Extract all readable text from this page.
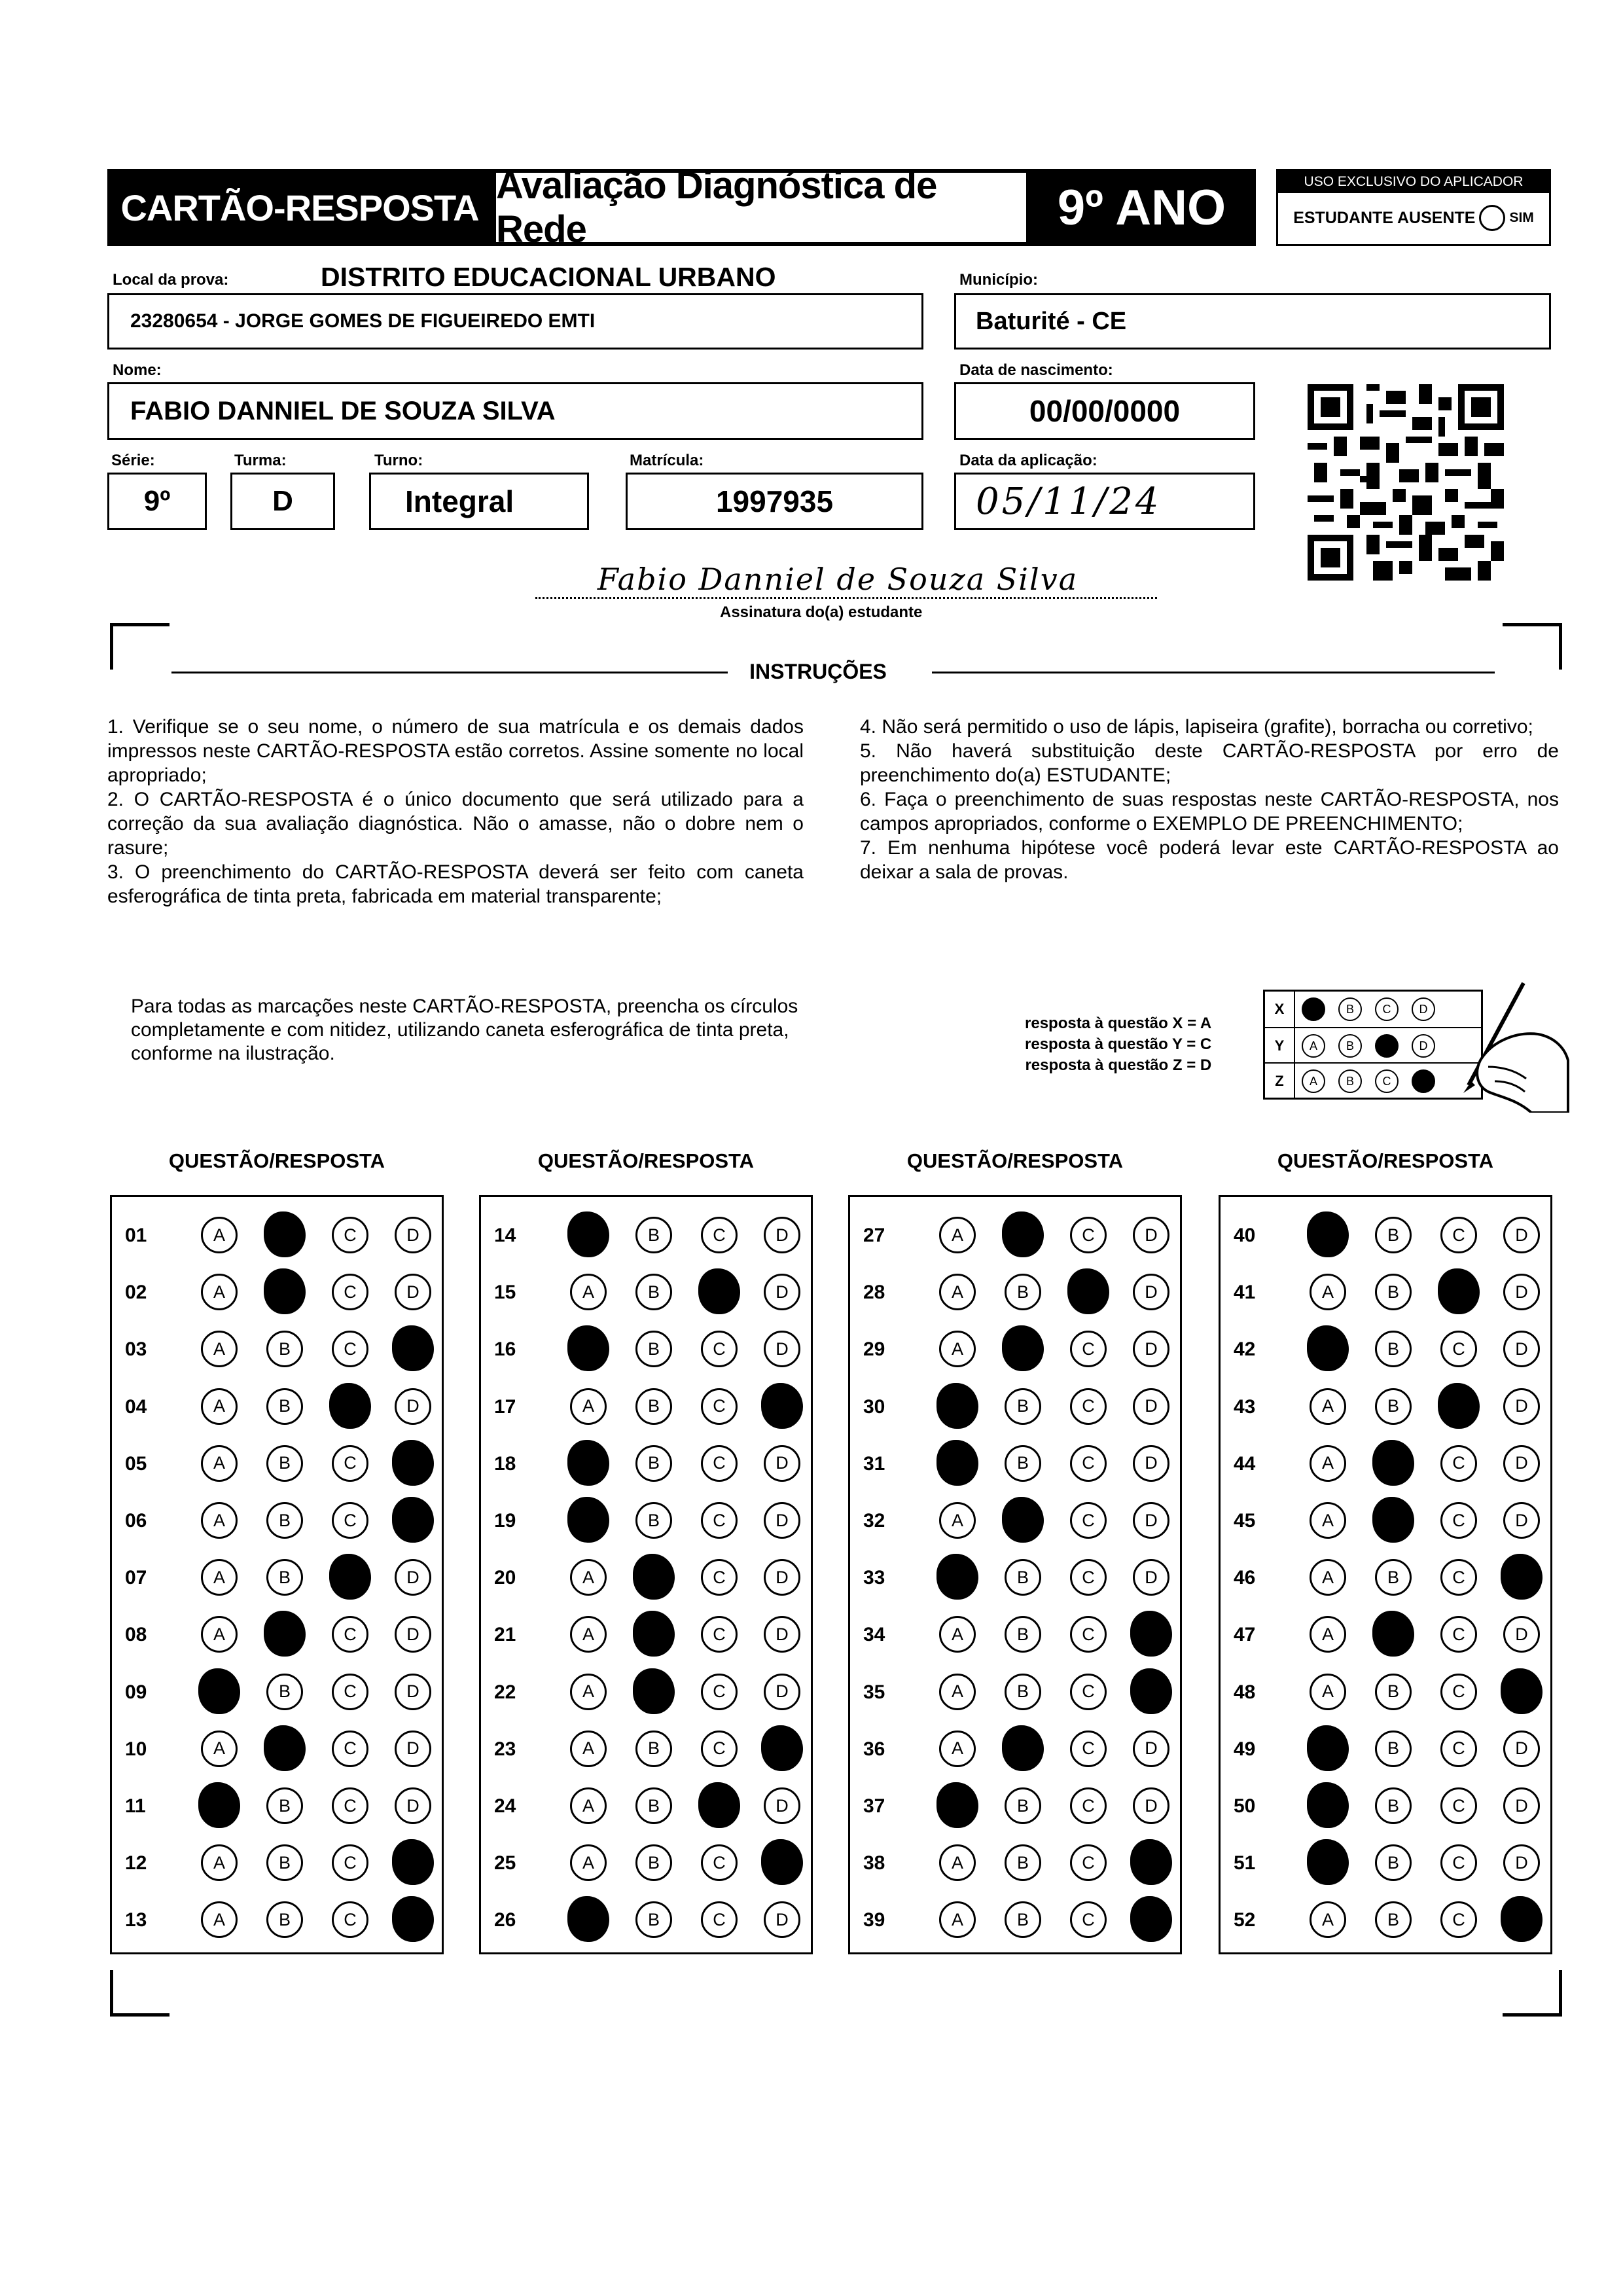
CARTÃO-RESPOSTA
Avaliação Diagnóstica de Rede	9º ANO	USO EXCLUSIVO DO APLICADOR
ESTUDANTE AUSENTE SIM
Local da prova:	DISTRITO EDUCACIONAL URBANO
23280654 - JORGE GOMES DE FIGUEIREDO EMTI
Município:
Baturité - CE
Nome:
FABIO DANNIEL DE SOUZA SILVA
Data de nascimento:
00/00/0000
Série:
9º
Turma:
D
Turno:
Integral
Matrícula:
1997935
Data da aplicação:
05/11/24
Fabio Danniel de Souza Silva
Assinatura do(a) estudante
INSTRUÇÕES

1. Verifique se o seu nome, o número de sua matrícula e os demais dados impressos neste CARTÃO-RESPOSTA estão corretos. Assine somente no local apropriado;

2. O CARTÃO-RESPOSTA é o único documento que será utilizado para a correção da sua avaliação diagnóstica. Não o amasse, não o dobre nem o rasure;

3. O preenchimento do CARTÃO-RESPOSTA deverá ser feito com caneta esferográfica de tinta preta, fabricada em material transparente;

4. Não será permitido o uso de lápis, lapiseira (grafite), borracha ou corretivo;

5. Não haverá substituição deste CARTÃO-RESPOSTA por erro de preenchimento do(a) ESTUDANTE;

6. Faça o preenchimento de suas respostas neste CARTÃO-RESPOSTA, nos campos apropriados, conforme o EXEMPLO DE PREENCHIMENTO;

7. Em nenhuma hipótese você poderá levar este CARTÃO-RESPOSTA ao deixar a sala de provas.

Para todas as marcações neste CARTÃO-RESPOSTA, preencha os círculos completamente e com nitidez, utilizando caneta esferográfica de tinta preta, conforme na ilustração.
resposta à questão X = A
resposta à questão Y = C
resposta à questão Z = D
X	A	B	C	D
Y	A	B	C	D
Z	A	B	C	D
QUESTÃO/RESPOSTA
01	A	B	C	D
02	A	B	C	D
03	A	B	C	D
04	A	B	C	D
05	A	B	C	D
06	A	B	C	D
07	A	B	C	D
08	A	B	C	D
09	A	B	C	D
10	A	B	C	D
11	A	B	C	D
12	A	B	C	D
13	A	B	C	D
QUESTÃO/RESPOSTA
14	A	B	C	D
15	A	B	C	D
16	A	B	C	D
17	A	B	C	D
18	A	B	C	D
19	A	B	C	D
20	A	B	C	D
21	A	B	C	D
22	A	B	C	D
23	A	B	C	D
24	A	B	C	D
25	A	B	C	D
26	A	B	C	D
QUESTÃO/RESPOSTA
27	A	B	C	D
28	A	B	C	D
29	A	B	C	D
30	A	B	C	D
31	A	B	C	D
32	A	B	C	D
33	A	B	C	D
34	A	B	C	D
35	A	B	C	D
36	A	B	C	D
37	A	B	C	D
38	A	B	C	D
39	A	B	C	D
QUESTÃO/RESPOSTA
40	A	B	C	D
41	A	B	C	D
42	A	B	C	D
43	A	B	C	D
44	A	B	C	D
45	A	B	C	D
46	A	B	C	D
47	A	B	C	D
48	A	B	C	D
49	A	B	C	D
50	A	B	C	D
51	A	B	C	D
52	A	B	C	D
